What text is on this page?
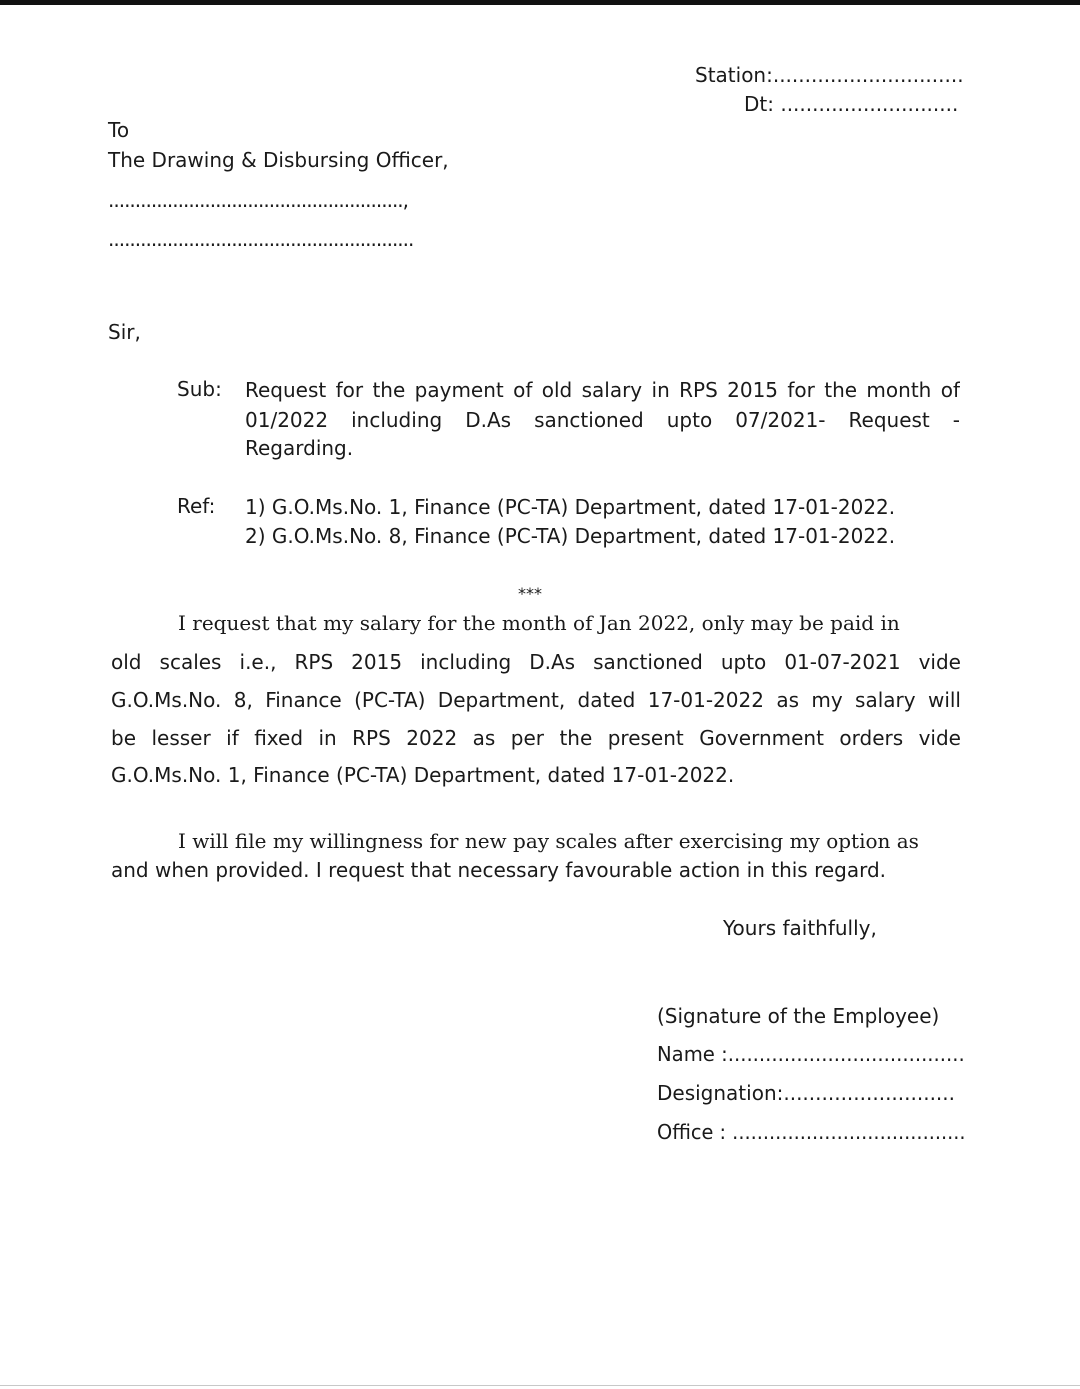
Station:..............................
Dt: ............................
To
The Drawing & Disbursing Officer,
.......................................................,
.........................................................
Sir,
Sub: Request for the payment of old salary in RPS 2015 for the month of
01/2022 including D.As sanctioned upto 07/2021- Request -
Regarding.
Ref: 1) G.O.Ms.No. 1, Finance (PC-TA) Department, dated 17-01-2022.
2) G.O.Ms.No. 8, Finance (PC-TA) Department, dated 17-01-2022.
***
I request that my salary for the month of Jan 2022, only may be paid in
old scales i.e., RPS 2015 including D.As sanctioned upto 01-07-2021 vide
G.O.Ms.No. 8, Finance (PC-TA) Department, dated 17-01-2022 as my salary will
be lesser if fixed in RPS 2022 as per the present Government orders vide
G.O.Ms.No. 1, Finance (PC-TA) Department, dated 17-01-2022.
I will file my willingness for new pay scales after exercising my option as
and when provided. I request that necessary favourable action in this regard.
Yours faithfully,
(Signature of the Employee)
Name :......................................
Designation:...........................
Office : ......................................
